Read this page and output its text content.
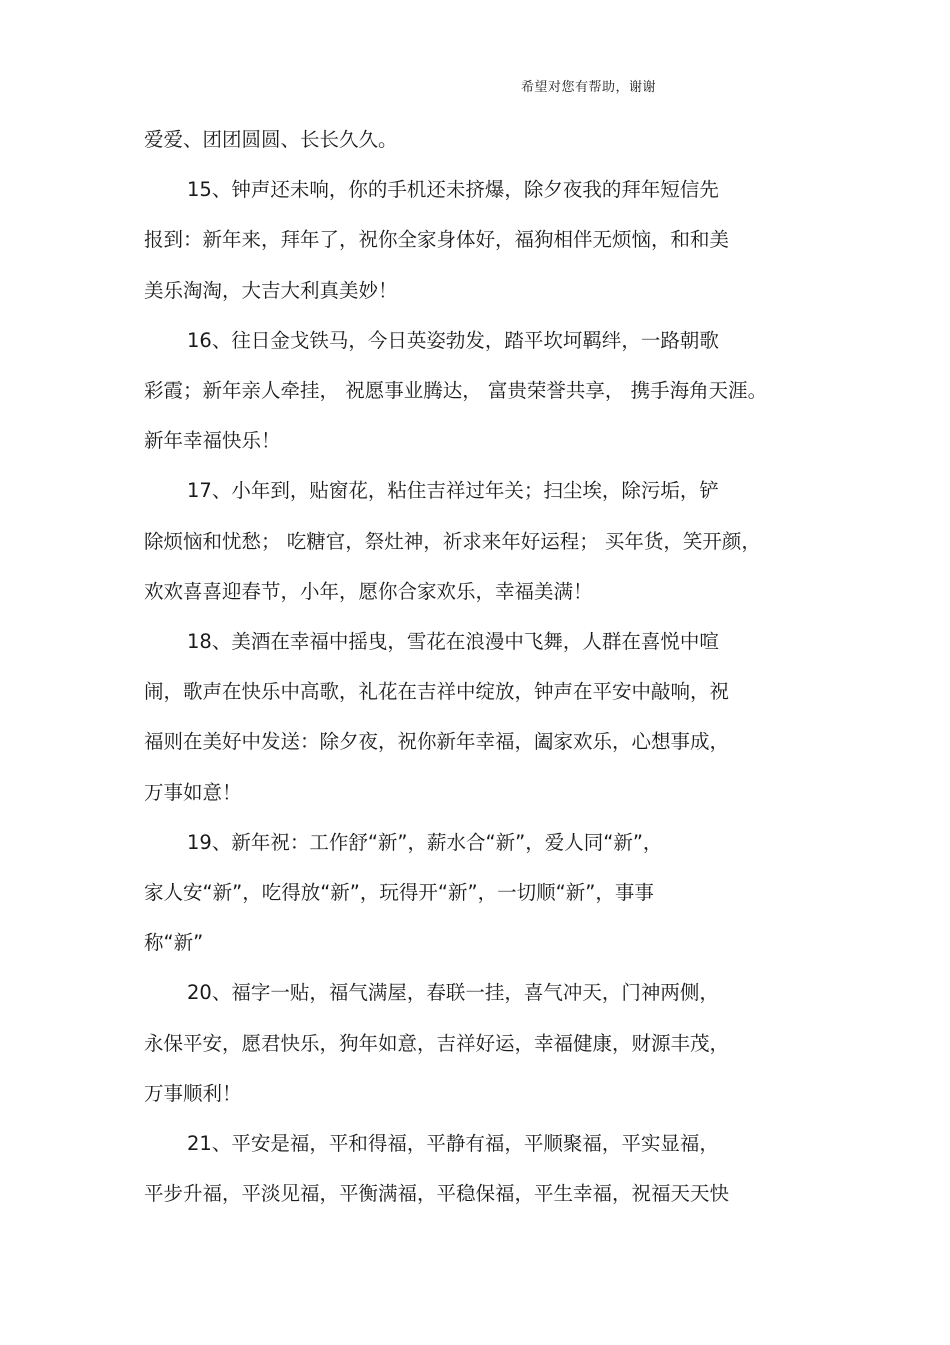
希望对您有帮助，谢谢
爱爱、团团圆圆、长长久久。
15、钟声还未响，你的手机还未挤爆，除夕夜我的拜年短信先
报到：新年来，拜年了，祝你全家身体好，福狗相伴无烦恼，和和美
美乐淘淘，大吉大利真美妙！
16、往日金戈铁马，今日英姿勃发，踏平坎坷羁绊，一路朝歌
彩霞；新年亲人牵挂， 祝愿事业腾达， 富贵荣誉共享， 携手海角天涯。
新年幸福快乐！
17、小年到，贴窗花，粘住吉祥过年关；扫尘埃，除污垢，铲
除烦恼和忧愁； 吃糖官，祭灶神，祈求来年好运程； 买年货，笑开颜，
欢欢喜喜迎春节，小年，愿你合家欢乐，幸福美满！
18、美酒在幸福中摇曳，雪花在浪漫中飞舞，人群在喜悦中喧
闹，歌声在快乐中高歌，礼花在吉祥中绽放，钟声在平安中敲响，祝
福则在美好中发送：除夕夜，祝你新年幸福，阖家欢乐，心想事成，
万事如意！
19、新年祝：工作舒“新”，薪水合“新”，爱人同“新”，
家人安“新”，吃得放“新”，玩得开“新”，一切顺“新”，事事
称“新”
20、福字一贴，福气满屋，春联一挂，喜气冲天，门神两侧，
永保平安，愿君快乐，狗年如意，吉祥好运，幸福健康，财源丰茂，
万事顺利！
21、平安是福，平和得福，平静有福，平顺聚福，平实显福，
平步升福，平淡见福，平衡满福，平稳保福，平生幸福，祝福天天快
